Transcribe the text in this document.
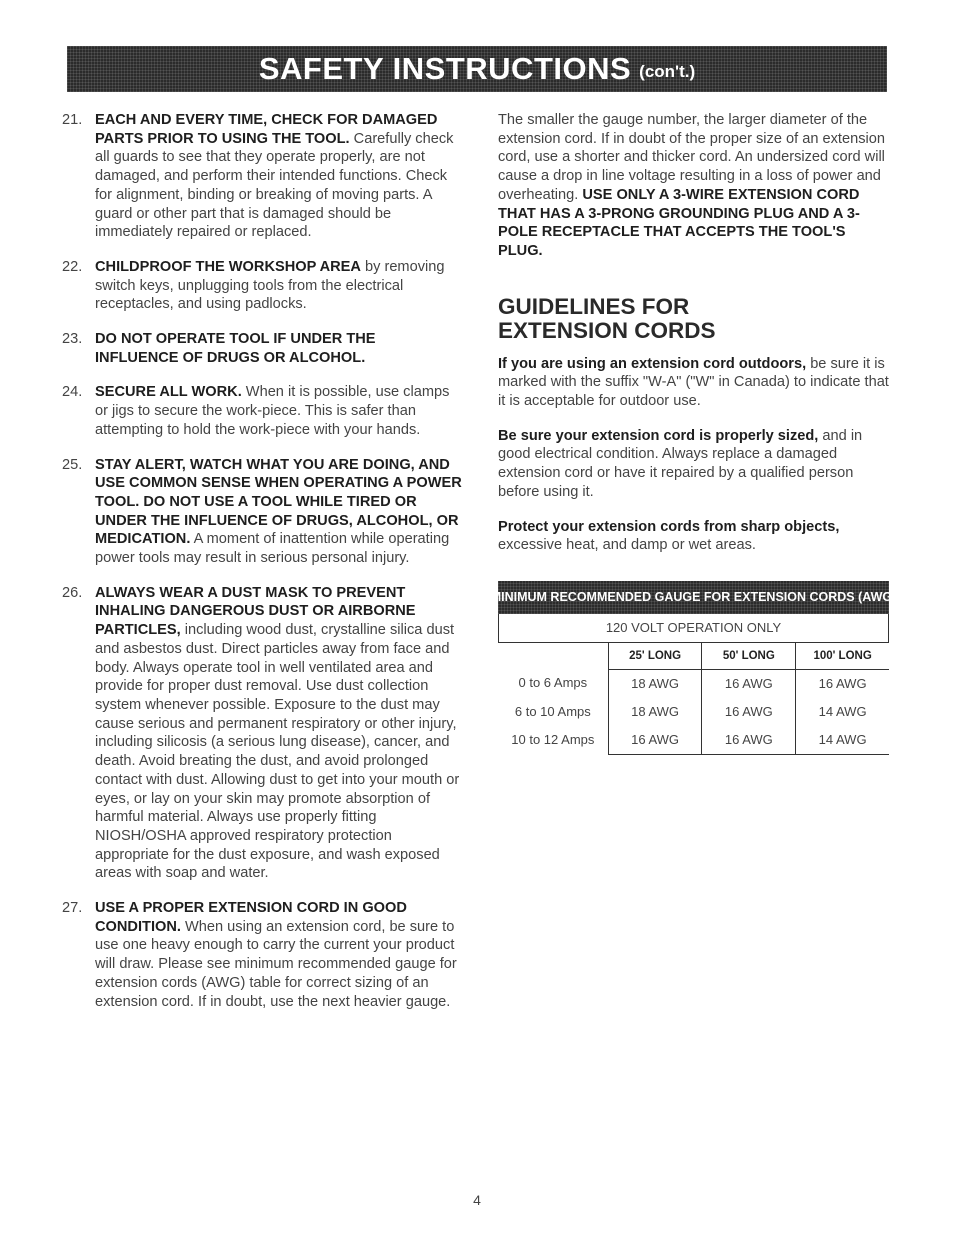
SAFETY INSTRUCTIONS (con't.)
21. EACH AND EVERY TIME, CHECK FOR DAMAGED PARTS PRIOR TO USING THE TOOL. Carefully check all guards to see that they operate properly, are not damaged, and perform their intended functions. Check for alignment, binding or breaking of moving parts. A guard or other part that is damaged should be immediately repaired or replaced.
22. CHILDPROOF THE WORKSHOP AREA by removing switch keys, unplugging tools from the electrical receptacles, and using padlocks.
23. DO NOT OPERATE TOOL IF UNDER THE INFLUENCE OF DRUGS OR ALCOHOL.
24. SECURE ALL WORK. When it is possible, use clamps or jigs to secure the work-piece. This is safer than attempting to hold the work-piece with your hands.
25. STAY ALERT, WATCH WHAT YOU ARE DOING, AND USE COMMON SENSE WHEN OPERATING A POWER TOOL. DO NOT USE A TOOL WHILE TIRED OR UNDER THE INFLUENCE OF DRUGS, ALCOHOL, OR MEDICATION. A moment of inattention while operating power tools may result in serious personal injury.
26. ALWAYS WEAR A DUST MASK TO PREVENT INHALING DANGEROUS DUST OR AIRBORNE PARTICLES, including wood dust, crystalline silica dust and asbestos dust. Direct particles away from face and body. Always operate tool in well ventilated area and provide for proper dust removal. Use dust collection system whenever possible. Exposure to the dust may cause serious and permanent respiratory or other injury, including silicosis (a serious lung disease), cancer, and death. Avoid breating the dust, and avoid prolonged contact with dust. Allowing dust to get into your mouth or eyes, or lay on your skin may promote absorption of harmful material. Always use properly fitting NIOSH/OSHA approved respiratory protection appropriate for the dust exposure, and wash exposed areas with soap and water.
27. USE A PROPER EXTENSION CORD IN GOOD CONDITION. When using an extension cord, be sure to use one heavy enough to carry the current your product will draw. Please see minimum recommended gauge for extension cords (AWG) table for correct sizing of an extension cord. If in doubt, use the next heavier gauge.

The smaller the gauge number, the larger diameter of the extension cord. If in doubt of the proper size of an extension cord, use a shorter and thicker cord. An undersized cord will cause a drop in line voltage resulting in a loss of power and overheating. USE ONLY A 3-WIRE EXTENSION CORD THAT HAS A 3-PRONG GROUNDING PLUG AND A 3-POLE RECEPTACLE THAT ACCEPTS THE TOOL'S PLUG.

GUIDELINES FOR
EXTENSION CORDS

If you are using an extension cord outdoors, be sure it is marked with the suffix "W-A" ("W" in Canada) to indicate that it is acceptable for outdoor use.

Be sure your extension cord is properly sized, and in good electrical condition. Always replace a damaged extension cord or have it repaired by a qualified person before using it.

Protect your extension cords from sharp objects, excessive heat, and damp or wet areas.

MINIMUM RECOMMENDED GAUGE FOR EXTENSION CORDS (AWG)
120 VOLT OPERATION ONLY
	25' LONG	50' LONG	100' LONG
0 to 6 Amps	18 AWG	16 AWG	16 AWG
6 to 10 Amps	18 AWG	16 AWG	14 AWG
10 to 12 Amps	16 AWG	16 AWG	14 AWG
4
